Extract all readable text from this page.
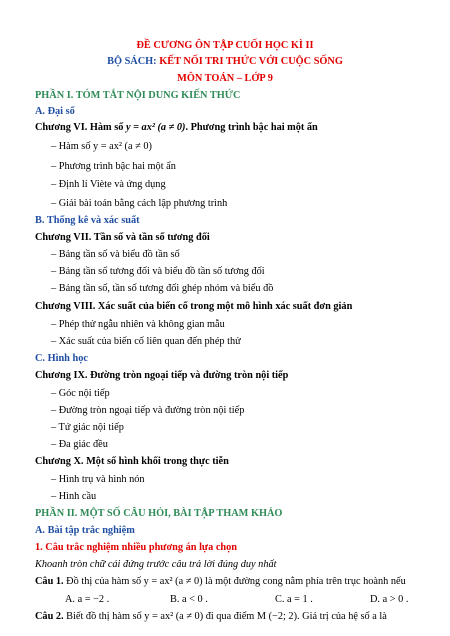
ĐỀ CƯƠNG ÔN TẬP CUỐI HỌC KÌ II
BỘ SÁCH: KẾT NỐI TRI THỨC VỚI CUỘC SỐNG
MÔN TOÁN – LỚP 9
PHẦN I. TÓM TẮT NỘI DUNG KIẾN THỨC
A. Đại số
Chương VI. Hàm số y = ax² (a ≠ 0). Phương trình bậc hai một ẩn
– Hàm số y = ax² (a ≠ 0)
– Phương trình bậc hai một ẩn
– Định lí Viète và ứng dụng
– Giải bài toán bằng cách lập phương trình
B. Thống kê và xác suất
Chương VII. Tần số và tần số tương đối
– Bảng tần số và biểu đồ tần số
– Bảng tần số tương đối và biểu đồ tần số tương đối
– Bảng tần số, tần số tương đối ghép nhóm và biểu đồ
Chương VIII. Xác suất của biến cố trong một mô hình xác suất đơn giản
– Phép thử ngẫu nhiên và không gian mẫu
– Xác suất của biến cố liên quan đến phép thử
C. Hình học
Chương IX. Đường tròn ngoại tiếp và đường tròn nội tiếp
– Góc nội tiếp
– Đường tròn ngoại tiếp và đường tròn nội tiếp
– Tứ giác nội tiếp
– Đa giác đều
Chương X. Một số hình khối trong thực tiễn
– Hình trụ và hình nón
– Hình cầu
PHẦN II. MỘT SỐ CÂU HỎI, BÀI TẬP THAM KHẢO
A. Bài tập trắc nghiệm
1. Câu trắc nghiệm nhiều phương án lựa chọn
Khoanh tròn chữ cái đứng trước câu trả lời đúng duy nhất
Câu 1. Đồ thị của hàm số y = ax² (a ≠ 0) là một đường cong nằm phía trên trục hoành nếu
A. a = −2 .	B. a < 0 .	C. a = 1 .	D. a > 0 .
Câu 2. Biết đồ thị hàm số y = ax² (a ≠ 0) đi qua điểm M (−2; 2). Giá trị của hệ số a là
